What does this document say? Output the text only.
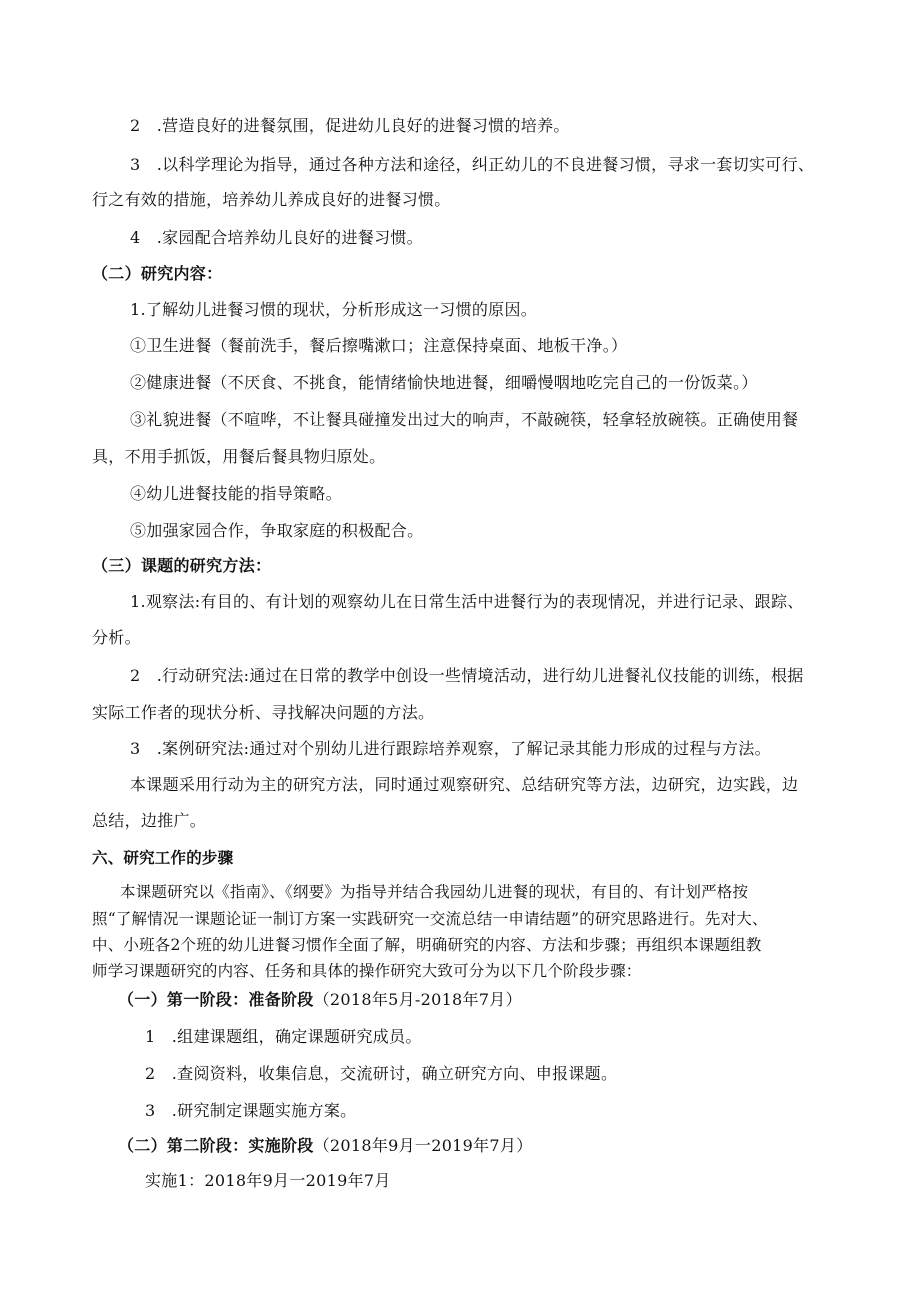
2　.营造良好的进餐氛围，促进幼儿良好的进餐习惯的培养。
3　.以科学理论为指导，通过各种方法和途径，纠正幼儿的不良进餐习惯，寻求一套切实可行、
行之有效的措施，培养幼儿养成良好的进餐习惯。
4　.家园配合培养幼儿良好的进餐习惯。
（二）研究内容：
1.了解幼儿进餐习惯的现状，分析形成这一习惯的原因。
①卫生进餐（餐前洗手，餐后擦嘴漱口；注意保持桌面、地板干净。）
②健康进餐（不厌食、不挑食，能情绪愉快地进餐，细嚼慢咽地吃完自己的一份饭菜。）
③礼貌进餐（不喧哗，不让餐具碰撞发出过大的响声，不敲碗筷，轻拿轻放碗筷。正确使用餐
具，不用手抓饭，用餐后餐具物归原处。
④幼儿进餐技能的指导策略。
⑤加强家园合作，争取家庭的积极配合。
（三）课题的研究方法：
1.观察法:有目的、有计划的观察幼儿在日常生活中进餐行为的表现情况，并进行记录、跟踪、
分析。
2　.行动研究法:通过在日常的教学中创设一些情境活动，进行幼儿进餐礼仪技能的训练，根据
实际工作者的现状分析、寻找解决问题的方法。
3　.案例研究法:通过对个别幼儿进行跟踪培养观察，了解记录其能力形成的过程与方法。
本课题采用行动为主的研究方法，同时通过观察研究、总结研究等方法，边研究，边实践，边
总结，边推广。
六、研究工作的步骤
本课题研究以《指南》、《纲要》为指导并结合我园幼儿进餐的现状，有目的、有计划严格按
照“了解情况一课题论证一制订方案一实践研究一交流总结一申请结题”的研究思路进行。先对大、
中、小班各2个班的幼儿进餐习惯作全面了解，明确研究的内容、方法和步骤；再组织本课题组教
师学习课题研究的内容、任务和具体的操作研究大致可分为以下几个阶段步骤：
（一）第一阶段：准备阶段（2018年5月-2018年7月）
1　.组建课题组，确定课题研究成员。
2　.查阅资料，收集信息，交流研讨，确立研究方向、申报课题。
3　.研究制定课题实施方案。
（二）第二阶段：实施阶段（2018年9月一2019年7月）
实施1：2018年9月一2019年7月
